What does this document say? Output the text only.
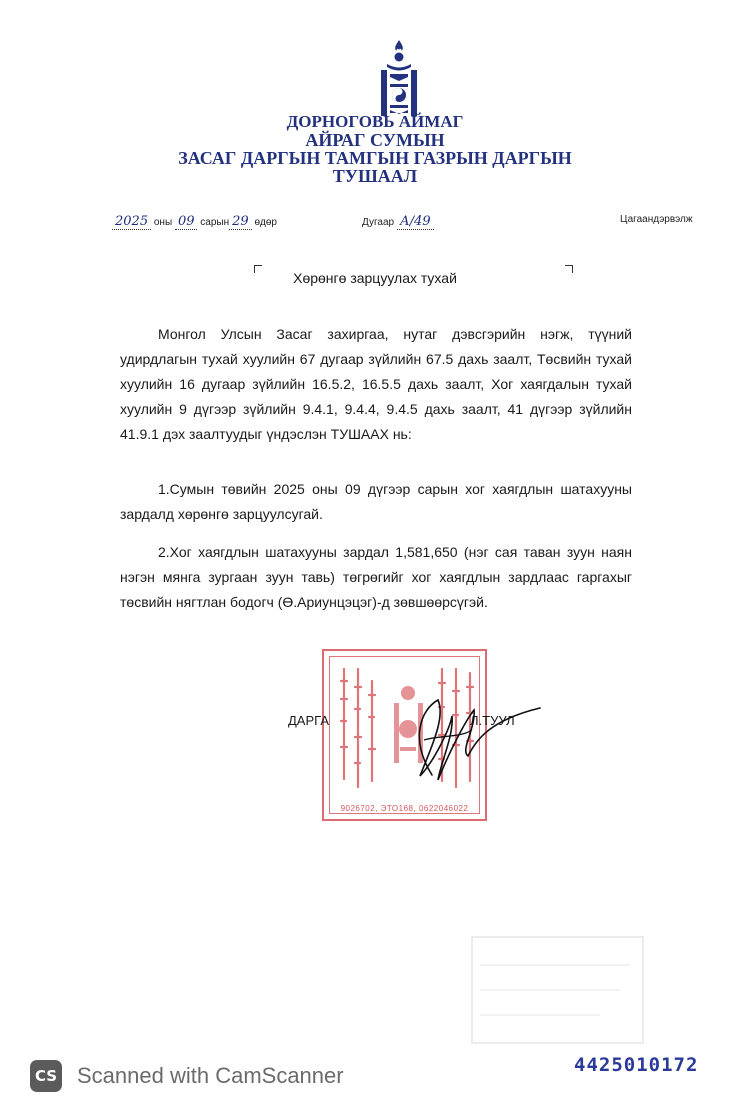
ДОРНОГОВЬ АЙМАГ
АЙРАГ СУМЫН
ЗАСАГ ДАРГЫН ТАМГЫН ГАЗРЫН ДАРГЫН
ТУШААЛ
2025 оны 09 сарын 29 өдөр	Дугаар А/49	Цагаандэрвэлж
Хөрөнгө зарцуулах тухай
Монгол Улсын Засаг захиргаа, нутаг дэвсгэрийн нэгж, түүний удирдлагын тухай хуулийн 67 дугаар зүйлийн 67.5 дахь заалт, Төсвийн тухай хуулийн 16 дугаар зүйлийн 16.5.2, 16.5.5 дахь заалт, Хог хаягдалын тухай хуулийн 9 дүгээр зүйлийн 9.4.1, 9.4.4, 9.4.5 дахь заалт, 41 дүгээр зүйлийн 41.9.1 дэх заалтуудыг үндэслэн ТУШААХ нь:
1.Сумын төвийн 2025 оны 09 дүгээр сарын хог хаягдлын шатахууны зардалд хөрөнгө зарцуулсугай.
2.Хог хаягдлын шатахууны зардал 1,581,650 (нэг сая таван зуун наян нэгэн мянга зургаан зуун тавь) төгрөгийг хог хаягдлын зардлаас гаргахыг төсвийн нягтлан бодогч (Ө.Ариунцэцэг)-д зөвшөөрсүгэй.
9026702, ЭТО168, 0622046022
ДАРГА	Л.ТУУЛ
CS Scanned with CamScanner	4425010172
